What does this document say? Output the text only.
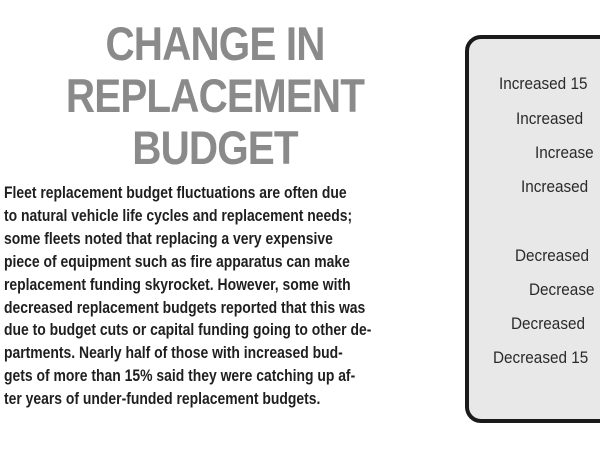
CHANGE IN
REPLACEMENT
BUDGET
Fleet replacement budget fluctuations are often due
to natural vehicle life cycles and replacement needs;
some fleets noted that replacing a very expensive
piece of equipment such as fire apparatus can make
replacement funding skyrocket. However, some with
decreased replacement budgets reported that this was
due to budget cuts or capital funding going to other de-
partments. Nearly half of those with increased bud-
gets of more than 15% said they were catching up af-
ter years of under-funded replacement budgets.
Increased 15
Increased
Increase
Increased
Decreased
Decrease
Decreased
Decreased 15
